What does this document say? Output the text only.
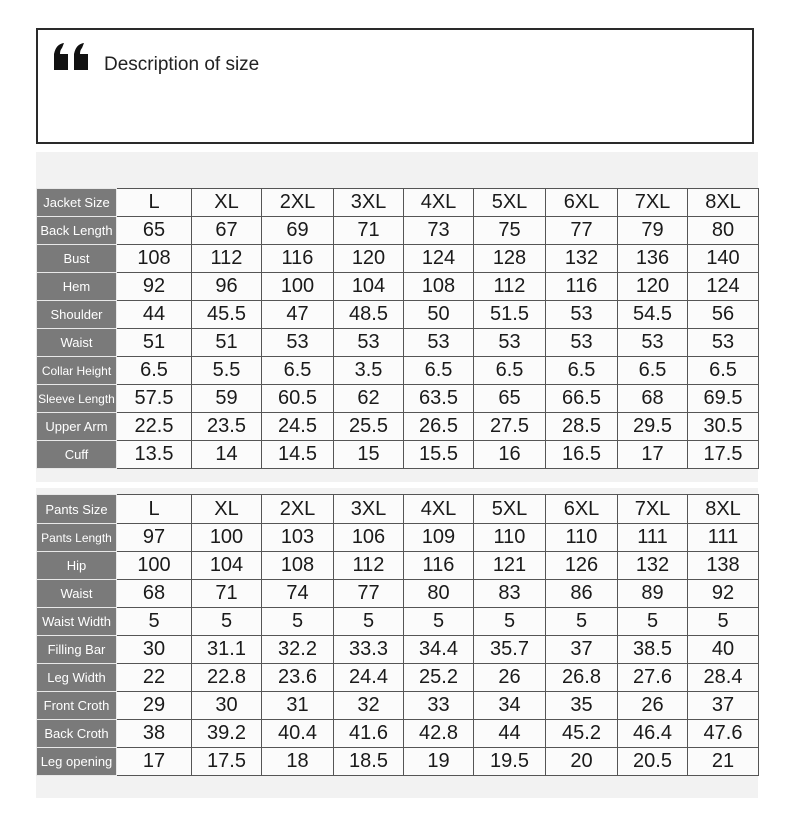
Description of size
Jacket Size	L	XL	2XL	3XL	4XL	5XL	6XL	7XL	8XL
Back Length	65	67	69	71	73	75	77	79	80
Bust	108	112	116	120	124	128	132	136	140
Hem	92	96	100	104	108	112	116	120	124
Shoulder	44	45.5	47	48.5	50	51.5	53	54.5	56
Waist	51	51	53	53	53	53	53	53	53
Collar Height	6.5	5.5	6.5	3.5	6.5	6.5	6.5	6.5	6.5
Sleeve Length	57.5	59	60.5	62	63.5	65	66.5	68	69.5
Upper Arm	22.5	23.5	24.5	25.5	26.5	27.5	28.5	29.5	30.5
Cuff	13.5	14	14.5	15	15.5	16	16.5	17	17.5
Pants Size	L	XL	2XL	3XL	4XL	5XL	6XL	7XL	8XL
Pants Length	97	100	103	106	109	110	110	111	111
Hip	100	104	108	112	116	121	126	132	138
Waist	68	71	74	77	80	83	86	89	92
Waist Width	5	5	5	5	5	5	5	5	5
Filling Bar	30	31.1	32.2	33.3	34.4	35.7	37	38.5	40
Leg Width	22	22.8	23.6	24.4	25.2	26	26.8	27.6	28.4
Front Croth	29	30	31	32	33	34	35	26	37
Back Croth	38	39.2	40.4	41.6	42.8	44	45.2	46.4	47.6
Leg opening	17	17.5	18	18.5	19	19.5	20	20.5	21
